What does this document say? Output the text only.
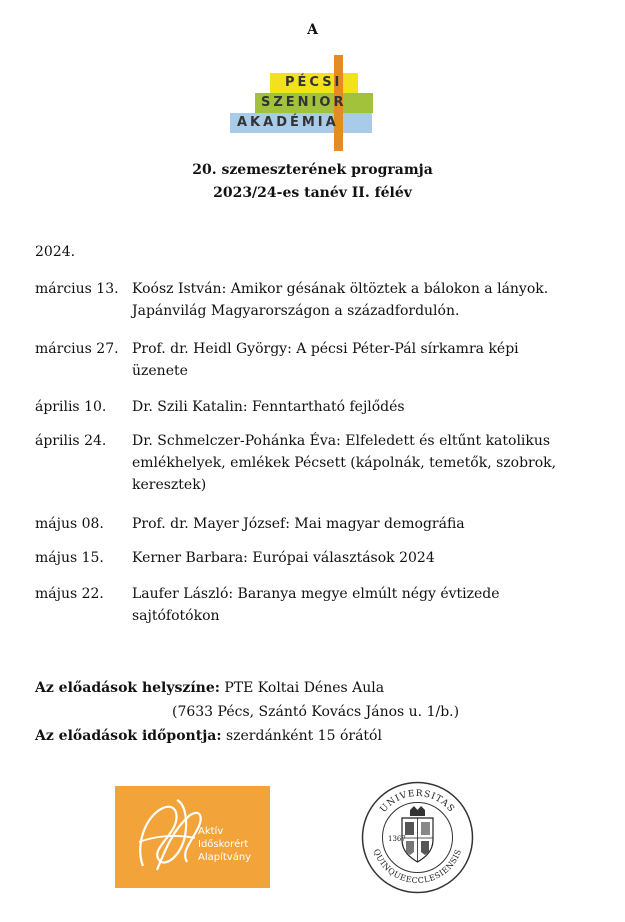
A
PÉCSI
SZENIOR
AKADÉMIA
20. szemeszterének programja
2023/24-es tanév II. félév
2024.
március 13. Koósz István: Amikor gésának öltöztek a bálokon a lányok.
Japánvilág Magyarországon a századfordulón.
március 27. Prof. dr. Heidl György: A pécsi Péter-Pál sírkamra képi
üzenete
április 10.	Dr. Szili Katalin: Fenntartható fejlődés
április 24.	Dr. Schmelczer-Pohánka Éva: Elfeledett és eltűnt katolikus
emlékhelyek, emlékek Pécsett (kápolnák, temetők, szobrok,
keresztek)
május 08.	Prof. dr. Mayer József: Mai magyar demográfia
május 15.	Kerner Barbara: Európai választások 2024
május 22.	Laufer László: Baranya megye elmúlt négy évtizede
sajtófotókon
Az előadások helyszíne: PTE Koltai Dénes Aula
(7633 Pécs, Szántó Kovács János u. 1/b.)
Az előadások időpontja: szerdánként 15 órától
Aktív
Időskorért
Alapítvány
UNIVERSITAS
QUINQUEECCLESIENSIS
1367
